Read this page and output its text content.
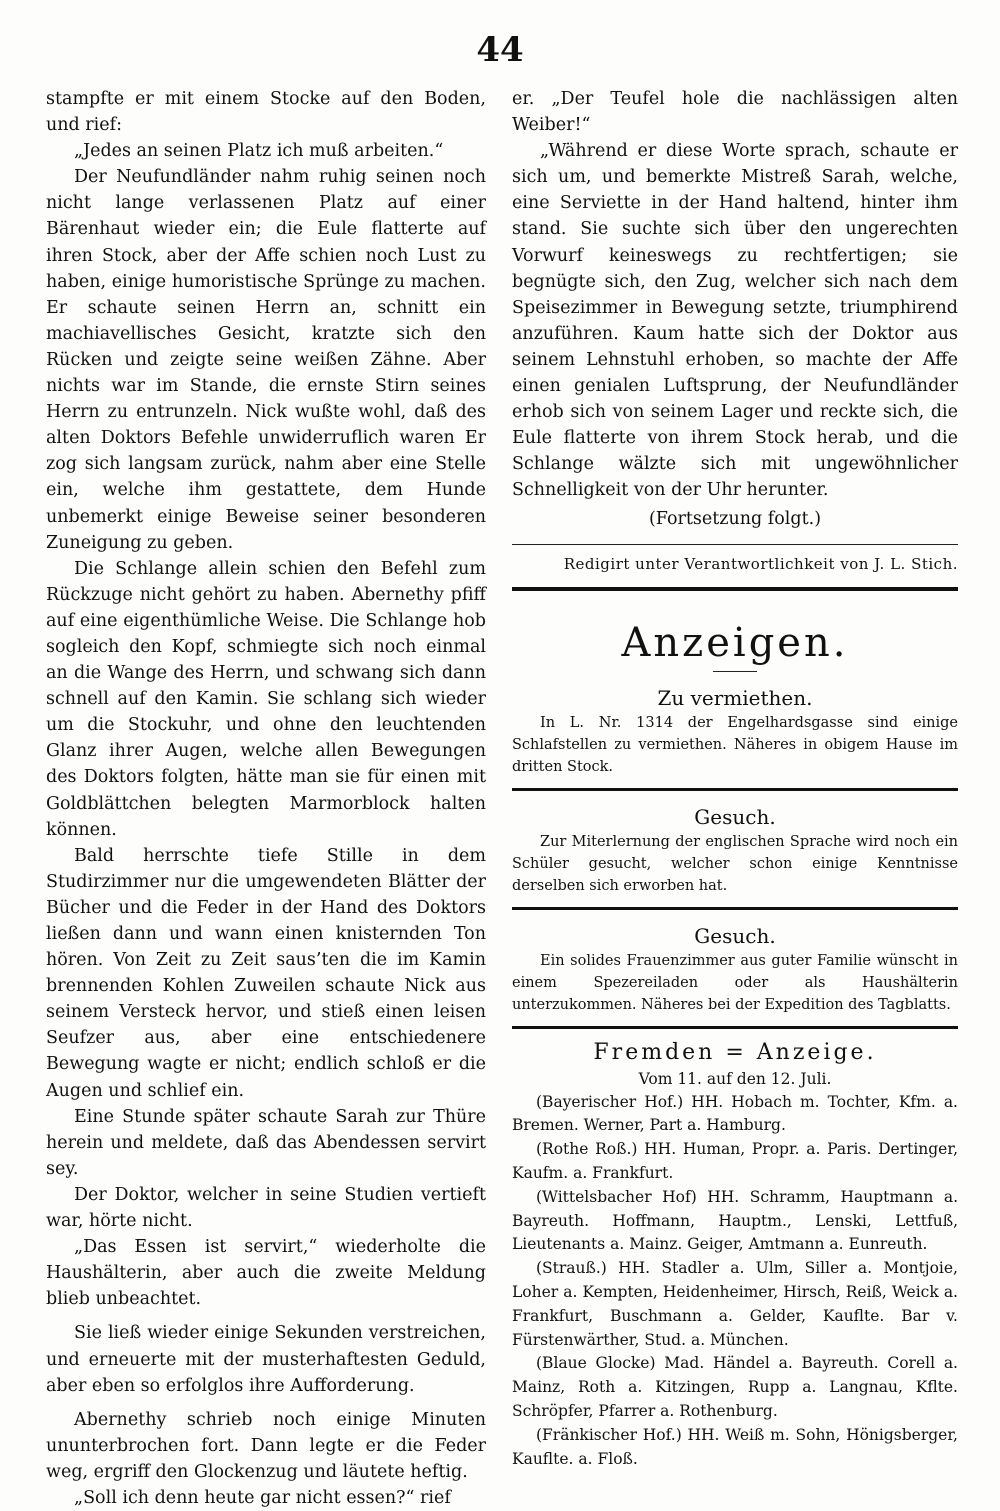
44

stampfte er mit einem Stocke auf den Boden, und rief:

„Jedes an seinen Platz ich muß arbeiten.“

Der Neufundländer nahm ruhig seinen noch nicht lange verlassenen Platz auf einer Bärenhaut wieder ein; die Eule flatterte auf ihren Stock, aber der Affe schien noch Lust zu haben, einige humoristische Sprünge zu machen. Er schaute seinen Herrn an, schnitt ein machiavellisches Gesicht, kratzte sich den Rücken und zeigte seine weißen Zähne. Aber nichts war im Stande, die ernste Stirn seines Herrn zu entrunzeln. Nick wußte wohl, daß des alten Doktors Befehle unwiderruflich waren Er zog sich langsam zurück, nahm aber eine Stelle ein, welche ihm gestattete, dem Hunde unbemerkt einige Beweise seiner besonderen Zuneigung zu geben.

Die Schlange allein schien den Befehl zum Rückzuge nicht gehört zu haben. Abernethy pfiff auf eine eigenthümliche Weise. Die Schlange hob sogleich den Kopf, schmiegte sich noch einmal an die Wange des Herrn, und schwang sich dann schnell auf den Kamin. Sie schlang sich wieder um die Stockuhr, und ohne den leuchtenden Glanz ihrer Augen, welche allen Bewegungen des Doktors folgten, hätte man sie für einen mit Goldblättchen belegten Marmorblock halten können.

Bald herrschte tiefe Stille in dem Studirzimmer nur die umgewendeten Blätter der Bücher und die Feder in der Hand des Doktors ließen dann und wann einen knisternden Ton hören. Von Zeit zu Zeit saus’ten die im Kamin brennenden Kohlen Zuweilen schaute Nick aus seinem Versteck hervor, und stieß einen leisen Seufzer aus, aber eine entschiedenere Bewegung wagte er nicht; endlich schloß er die Augen und schlief ein.

Eine Stunde später schaute Sarah zur Thüre herein und meldete, daß das Abendessen servirt sey.

Der Doktor, welcher in seine Studien vertieft war, hörte nicht.

„Das Essen ist servirt,“ wiederholte die Haushälterin, aber auch die zweite Meldung blieb unbeachtet.

Sie ließ wieder einige Sekunden verstreichen, und erneuerte mit der musterhaftesten Geduld, aber eben so erfolglos ihre Aufforderung.

Abernethy schrieb noch einige Minuten ununterbrochen fort. Dann legte er die Feder weg, ergriff den Glockenzug und läutete heftig.

„Soll ich denn heute gar nicht essen?“ rief

er. „Der Teufel hole die nachlässigen alten Weiber!“

„Während er diese Worte sprach, schaute er sich um, und bemerkte Mistreß Sarah, welche, eine Serviette in der Hand haltend, hinter ihm stand. Sie suchte sich über den ungerechten Vorwurf keineswegs zu rechtfertigen; sie begnügte sich, den Zug, welcher sich nach dem Speisezimmer in Bewegung setzte, triumphirend anzuführen. Kaum hatte sich der Doktor aus seinem Lehnstuhl erhoben, so machte der Affe einen genialen Luftsprung, der Neufundländer erhob sich von seinem Lager und reckte sich, die Eule flatterte von ihrem Stock herab, und die Schlange wälzte sich mit ungewöhnlicher Schnelligkeit von der Uhr herunter.

(Fortsetzung folgt.)
Redigirt unter Verantwortlichkeit von J. L. Stich.
Anzeigen.
Zu vermiethen.
In L. Nr. 1314 der Engelhardsgasse sind einige Schlafstellen zu vermiethen. Näheres in obigem Hause im dritten Stock.
Gesuch.
Zur Miterlernung der englischen Sprache wird noch ein Schüler gesucht, welcher schon einige Kenntnisse derselben sich erworben hat.
Gesuch.
Ein solides Frauenzimmer aus guter Familie wünscht in einem Spezereiladen oder als Haushälterin unterzukommen. Näheres bei der Expedition des Tagblatts.
Fremden = Anzeige.
Vom 11. auf den 12. Juli.

(Bayerischer Hof.) HH. Hobach m. Tochter, Kfm. a. Bremen. Werner, Part a. Hamburg.

(Rothe Roß.) HH. Human, Propr. a. Paris. Dertinger, Kaufm. a. Frankfurt.

(Wittelsbacher Hof) HH. Schramm, Hauptmann a. Bayreuth. Hoffmann, Hauptm., Lenski, Lettfuß, Lieutenants a. Mainz. Geiger, Amtmann a. Eunreuth.

(Strauß.) HH. Stadler a. Ulm, Siller a. Montjoie, Loher a. Kempten, Heidenheimer, Hirsch, Reiß, Weick a. Frankfurt, Buschmann a. Gelder, Kauflte. Bar v. Fürstenwärther, Stud. a. München.

(Blaue Glocke) Mad. Händel a. Bayreuth. Corell a. Mainz, Roth a. Kitzingen, Rupp a. Langnau, Kflte. Schröpfer, Pfarrer a. Rothenburg.

(Fränkischer Hof.) HH. Weiß m. Sohn, Hönigsberger, Kauflte. a. Floß.
